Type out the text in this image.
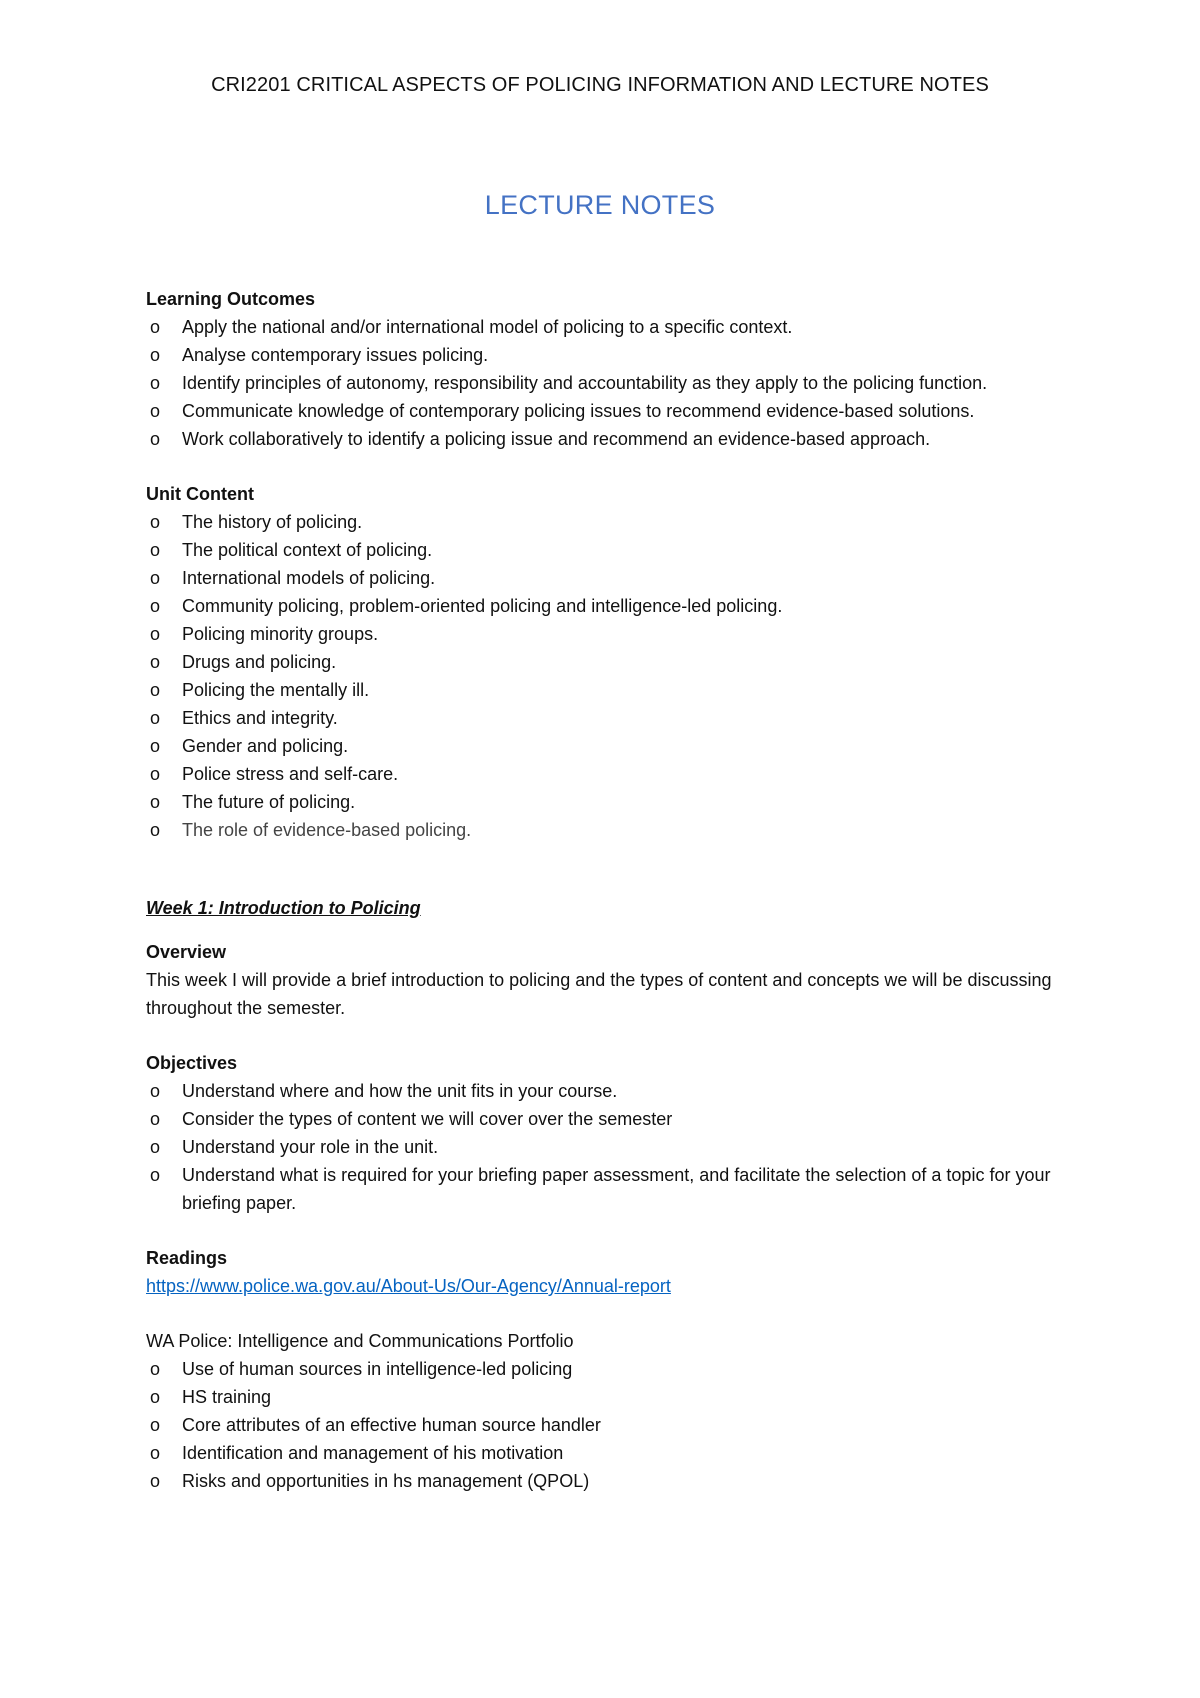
CRI2201 CRITICAL ASPECTS OF POLICING INFORMATION AND LECTURE NOTES
LECTURE NOTES

Learning Outcomes

o Apply the national and/or international model of policing to a specific context.
o Analyse contemporary issues policing.
o Identify principles of autonomy, responsibility and accountability as they apply to the policing function.
o Communicate knowledge of contemporary policing issues to recommend evidence-based solutions.
o Work collaboratively to identify a policing issue and recommend an evidence-based approach.

Unit Content

o The history of policing.
o The political context of policing.
o International models of policing.
o Community policing, problem-oriented policing and intelligence-led policing.
o Policing minority groups.
o Drugs and policing.
o Policing the mentally ill.
o Ethics and integrity.
o Gender and policing.
o Police stress and self-care.
o The future of policing.
o The role of evidence-based policing.

Week 1: Introduction to Policing

Overview

This week I will provide a brief introduction to policing and the types of content and concepts we will be discussing throughout the semester.

Objectives

o Understand where and how the unit fits in your course.
o Consider the types of content we will cover over the semester
o Understand your role in the unit.
o Understand what is required for your briefing paper assessment, and facilitate the selection of a topic for your briefing paper.

Readings

https://www.police.wa.gov.au/About-Us/Our-Agency/Annual-report

WA Police: Intelligence and Communications Portfolio

o Use of human sources in intelligence-led policing
o HS training
o Core attributes of an effective human source handler
o Identification and management of his motivation
o Risks and opportunities in hs management (QPOL)
